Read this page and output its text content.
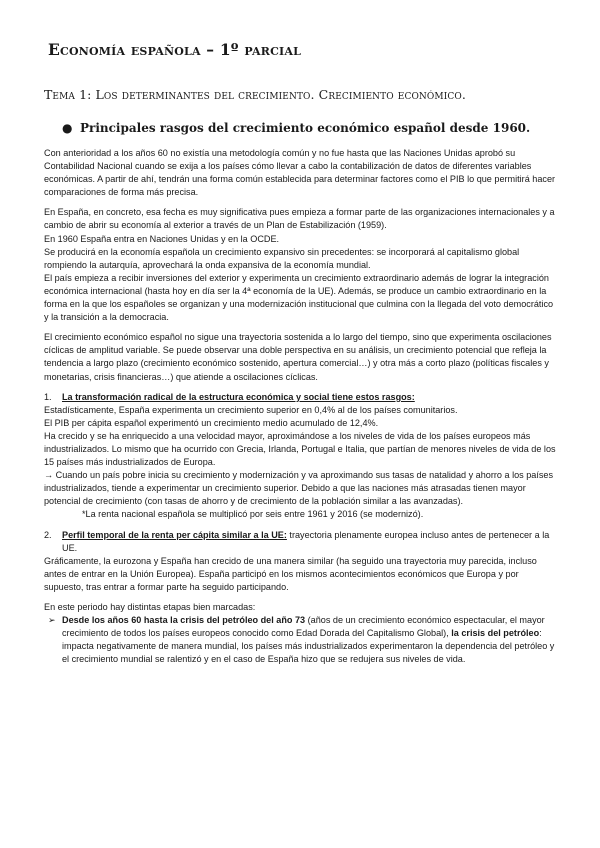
Economía española – 1º parcial
Tema 1: Los determinantes del crecimiento. Crecimiento económico.
● Principales rasgos del crecimiento económico español desde 1960.

Con anterioridad a los años 60 no existía una metodología común y no fue hasta que las Naciones Unidas aprobó su Contabilidad Nacional cuando se exija a los países cómo llevar a cabo la contabilización de datos de diferentes variables económicas. A partir de ahí, tendrán una forma común establecida para determinar factores como el PIB lo que permitirá hacer comparaciones de forma más precisa.

En España, en concreto, esa fecha es muy significativa pues empieza a formar parte de las organizaciones internacionales y a cambio de abrir su economía al exterior a través de un Plan de Estabilización (1959).

En 1960 España entra en Naciones Unidas y en la OCDE.

Se producirá en la economía española un crecimiento expansivo sin precedentes: se incorporará al capitalismo global rompiendo la autarquía, aprovechará la onda expansiva de la economía mundial.

El país empieza a recibir inversiones del exterior y experimenta un crecimiento extraordinario además de lograr la integración económica internacional (hasta hoy en día ser la 4ª economía de la UE). Además, se produce un cambio extraordinario en la forma en la que los españoles se organizan y una modernización institucional que culmina con la llegada del voto democrático y la transición a la democracia.

El crecimiento económico español no sigue una trayectoria sostenida a lo largo del tiempo, sino que experimenta oscilaciones cíclicas de amplitud variable. Se puede observar una doble perspectiva en su análisis, un crecimiento potencial que refleja la tendencia a largo plazo (crecimiento económico sostenido, apertura comercial…) y otra más a corto plazo (políticas fiscales y monetarias, crisis financieras…) que atiende a oscilaciones cíclicas.

1. La transformación radical de la estructura económica y social tiene estos rasgos:

Estadísticamente, España experimenta un crecimiento superior en 0,4% al de los países comunitarios.

El PIB per cápita español experimentó un crecimiento medio acumulado de 12,4%.

Ha crecido y se ha enriquecido a una velocidad mayor, aproximándose a los niveles de vida de los países europeos más industrializados. Lo mismo que ha ocurrido con Grecia, Irlanda, Portugal e Italia, que partían de menores niveles de vida de los 15 países más industrializados de Europa.

→ Cuando un país pobre inicia su crecimiento y modernización y va aproximando sus tasas de natalidad y ahorro a los países industrializados, tiende a experimentar un crecimiento superior. Debido a que las naciones más atrasadas tienen mayor potencial de crecimiento (con tasas de ahorro y de crecimiento de la población similar a las avanzadas).

*La renta nacional española se multiplicó por seis entre 1961 y 2016 (se modernizó).

2. Perfil temporal de la renta per cápita similar a la UE: trayectoria plenamente europea incluso antes de pertenecer a la UE.

Gráficamente, la eurozona y España han crecido de una manera similar (ha seguido una trayectoria muy parecida, incluso antes de entrar en la Unión Europea). España participó en los mismos acontecimientos económicos que Europa y por supuesto, tras entrar a formar parte ha seguido participando.

En este periodo hay distintas etapas bien marcadas:

➢ Desde los años 60 hasta la crisis del petróleo del año 73 (años de un crecimiento económico espectacular, el mayor crecimiento de todos los países europeos conocido como Edad Dorada del Capitalismo Global), la crisis del petróleo: impacta negativamente de manera mundial, los países más industrializados experimentaron la dependencia del petróleo y el crecimiento mundial se ralentizó y en el caso de España hizo que se redujera sus niveles de vida.
